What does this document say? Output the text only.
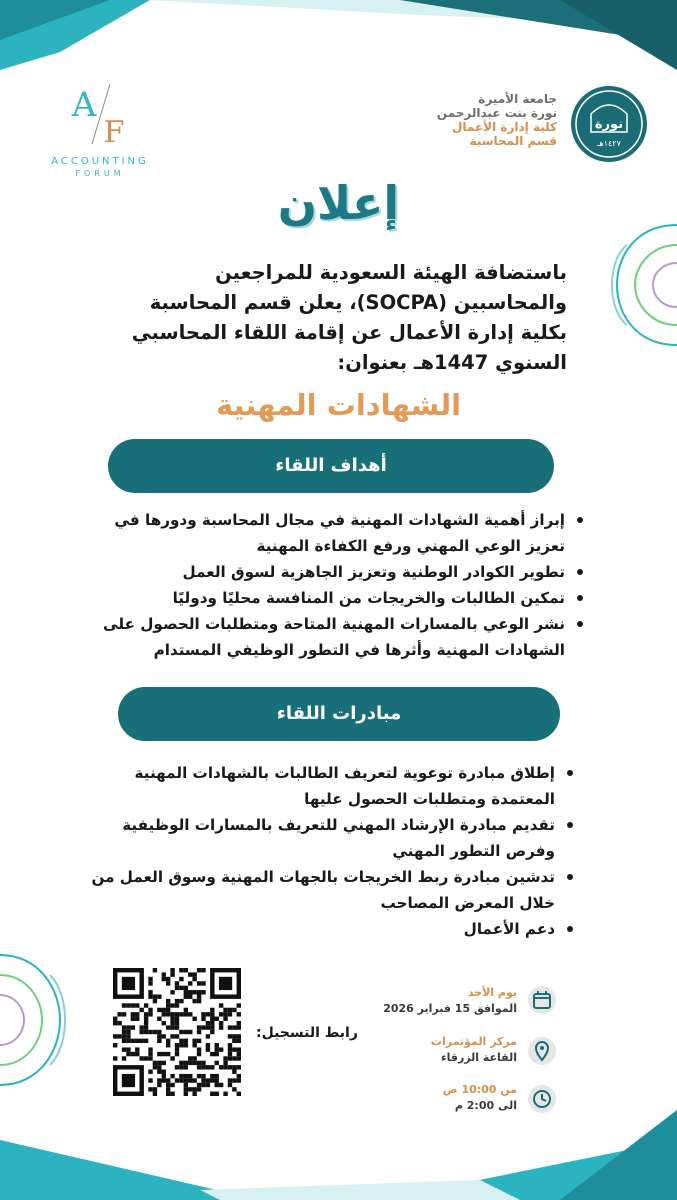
نورة
١٤٢٧هـ
جامعة الأميرة
نورة بنت عبدالرحمن
كلية إدارة الأعمال
قسم المحاسبة
A
F
ACCOUNTING
FORUM
إعلان
باستضافة الهيئة السعودية للمراجعين والمحاسبين (SOCPA)، يعلن قسم المحاسبة بكلية إدارة الأعمال عن إقامة اللقاء المحاسبي السنوي 1447هـ بعنوان:
الشهادات المهنية
أهداف اللقاء
إبراز أهمية الشهادات المهنية في مجال المحاسبة ودورها في تعزيز الوعي المهني ورفع الكفاءة المهنية
تطوير الكوادر الوطنية وتعزيز الجاهزية لسوق العمل
تمكين الطالبات والخريجات من المنافسة محليًا ودوليًا
نشر الوعي بالمسارات المهنية المتاحة ومتطلبات الحصول على الشهادات المهنية وأثرها في التطور الوظيفي المستدام
مبادرات اللقاء
إطلاق مبادرة توعوية لتعريف الطالبات بالشهادات المهنية المعتمدة ومتطلبات الحصول عليها
تقديم مبادرة الإرشاد المهني للتعريف بالمسارات الوظيفية وفرص التطور المهني
تدشين مبادرة ربط الخريجات بالجهات المهنية وسوق العمل من خلال المعرض المصاحب
دعم الأعمال
رابط التسجيل:
يوم الأحد
الموافق 15 فبراير 2026
مركز المؤتمرات
القاعة الزرقاء
من 10:00 ص
الى 2:00 م
